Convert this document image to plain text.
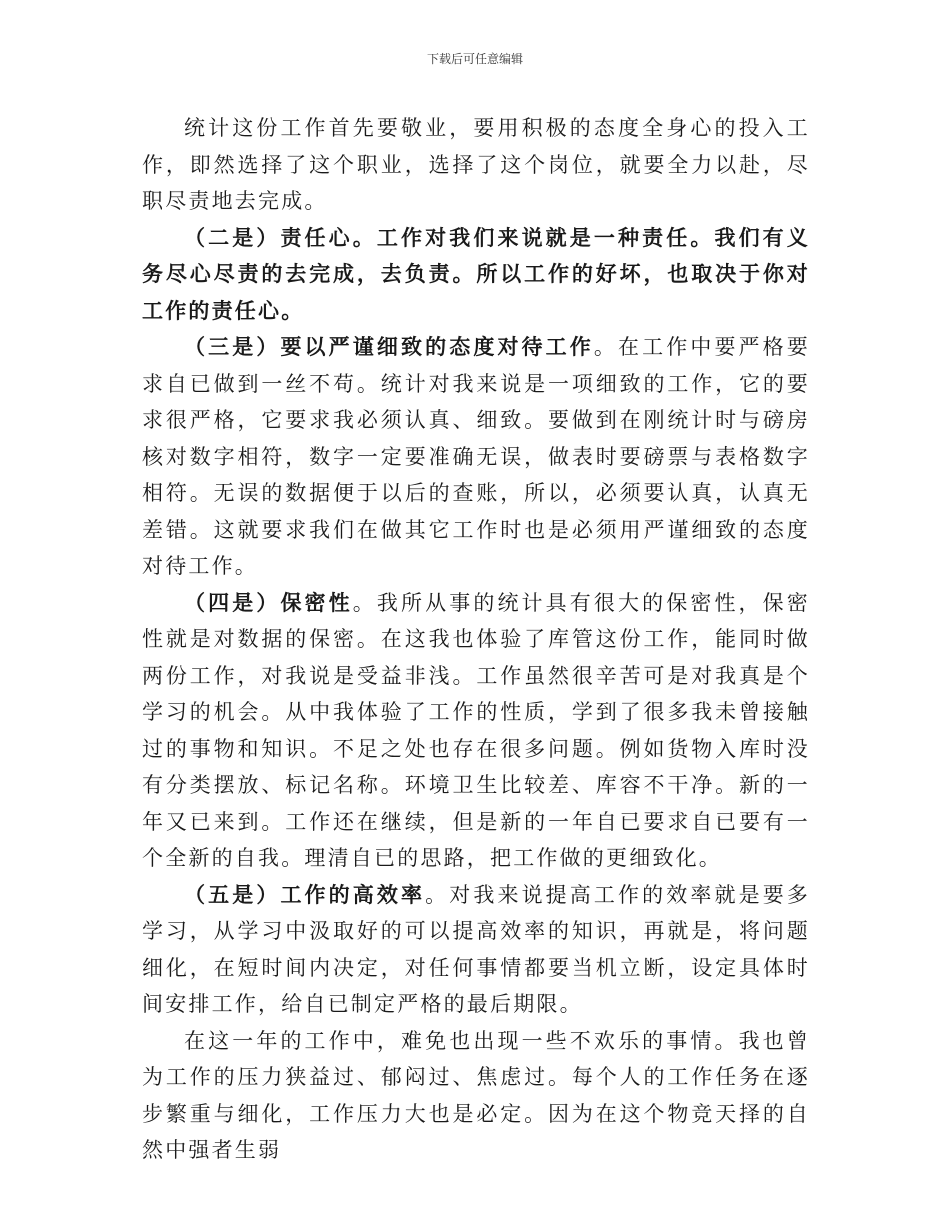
下载后可任意编辑

统计这份工作首先要敬业，要用积极的态度全身心的投入工作，即然选择了这个职业，选择了这个岗位，就要全力以赴，尽职尽责地去完成。

（二是）责任心。工作对我们来说就是一种责任。我们有义务尽心尽责的去完成，去负责。所以工作的好坏，也取决于你对工作的责任心。

（三是）要以严谨细致的态度对待工作。在工作中要严格要求自已做到一丝不苟。统计对我来说是一项细致的工作，它的要求很严格，它要求我必须认真、细致。要做到在刚统计时与磅房核对数字相符，数字一定要准确无误，做表时要磅票与表格数字相符。无误的数据便于以后的查账，所以，必须要认真，认真无差错。这就要求我们在做其它工作时也是必须用严谨细致的态度对待工作。

（四是）保密性。我所从事的统计具有很大的保密性，保密性就是对数据的保密。在这我也体验了库管这份工作，能同时做两份工作，对我说是受益非浅。工作虽然很辛苦可是对我真是个学习的机会。从中我体验了工作的性质，学到了很多我未曾接触过的事物和知识。不足之处也存在很多问题。例如货物入库时没有分类摆放、标记名称。环境卫生比较差、库容不干净。新的一年又已来到。工作还在继续，但是新的一年自已要求自已要有一个全新的自我。理清自已的思路，把工作做的更细致化。

（五是）工作的高效率。对我来说提高工作的效率就是要多学习，从学习中汲取好的可以提高效率的知识，再就是，将问题细化，在短时间内决定，对任何事情都要当机立断，设定具体时间安排工作，给自已制定严格的最后期限。

在这一年的工作中，难免也出现一些不欢乐的事情。我也曾为工作的压力狭益过、郁闷过、焦虑过。每个人的工作任务在逐步繁重与细化，工作压力大也是必定。因为在这个物竞天择的自然中强者生弱
